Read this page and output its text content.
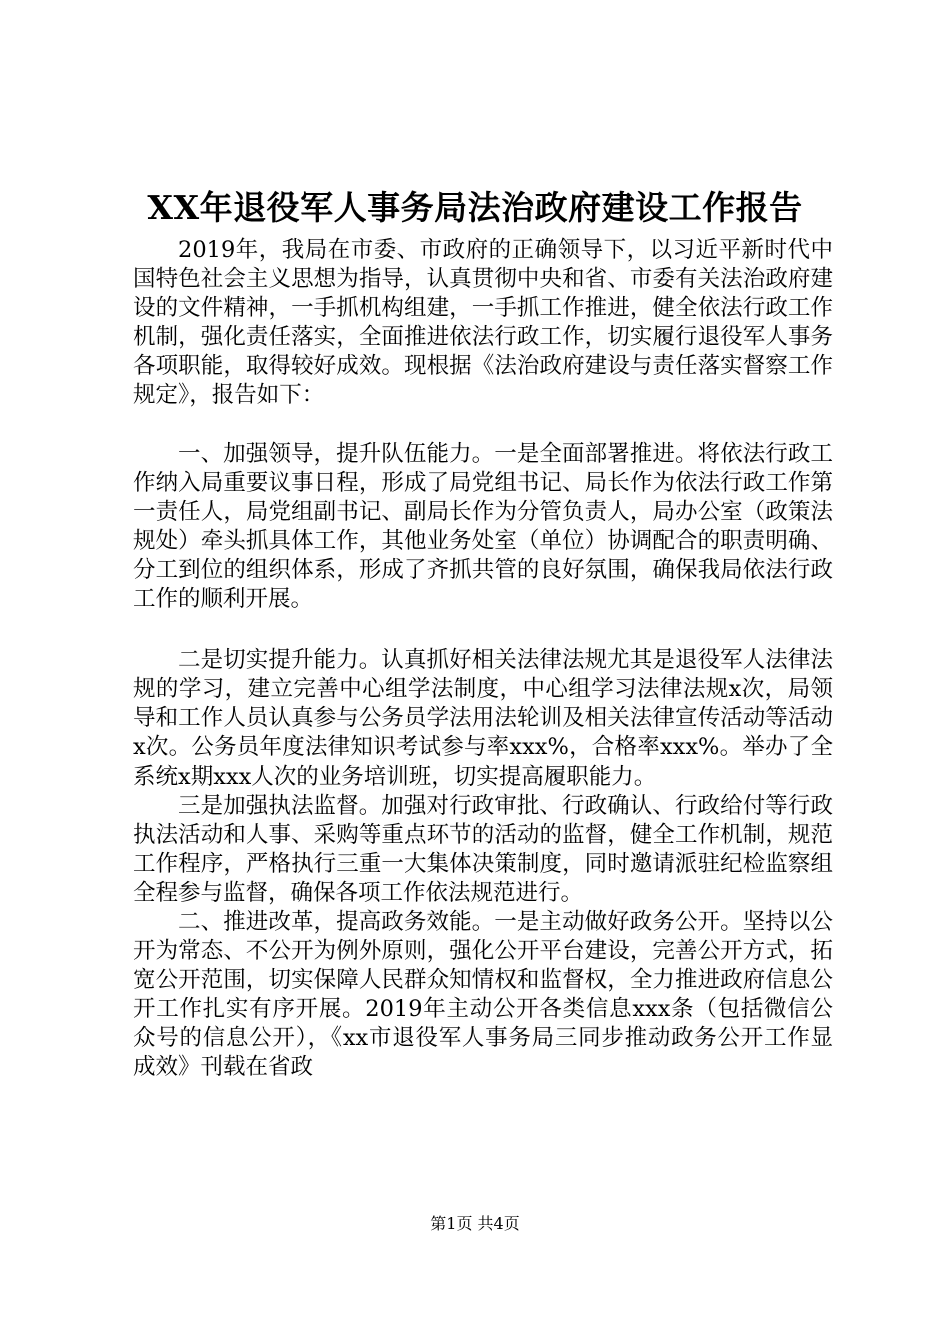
XX年退役军人事务局法治政府建设工作报告

2019年，我局在市委、市政府的正确领导下，以习近平新时代中国特色社会主义思想为指导，认真贯彻中央和省、市委有关法治政府建设的文件精神，一手抓机构组建，一手抓工作推进，健全依法行政工作机制，强化责任落实，全面推进依法行政工作，切实履行退役军人事务各项职能，取得较好成效。现根据《法治政府建设与责任落实督察工作规定》，报告如下：

一、加强领导，提升队伍能力。一是全面部署推进。将依法行政工作纳入局重要议事日程，形成了局党组书记、局长作为依法行政工作第一责任人，局党组副书记、副局长作为分管负责人，局办公室（政策法规处）牵头抓具体工作，其他业务处室（单位）协调配合的职责明确、分工到位的组织体系，形成了齐抓共管的良好氛围，确保我局依法行政工作的顺利开展。

二是切实提升能力。认真抓好相关法律法规尤其是退役军人法律法规的学习，建立完善中心组学法制度，中心组学习法律法规x次，局领导和工作人员认真参与公务员学法用法轮训及相关法律宣传活动等活动x次。公务员年度法律知识考试参与率xxx%，合格率xxx%。举办了全系统x期xxx人次的业务培训班，切实提高履职能力。

三是加强执法监督。加强对行政审批、行政确认、行政给付等行政执法活动和人事、采购等重点环节的活动的监督，健全工作机制，规范工作程序，严格执行三重一大集体决策制度，同时邀请派驻纪检监察组全程参与监督，确保各项工作依法规范进行。

二、推进改革，提高政务效能。一是主动做好政务公开。坚持以公开为常态、不公开为例外原则，强化公开平台建设，完善公开方式，拓宽公开范围，切实保障人民群众知情权和监督权，全力推进政府信息公开工作扎实有序开展。2019年主动公开各类信息xxx条（包括微信公众号的信息公开），《xx市退役军人事务局三同步推动政务公开工作显成效》刊载在省政

第1页 共4页
